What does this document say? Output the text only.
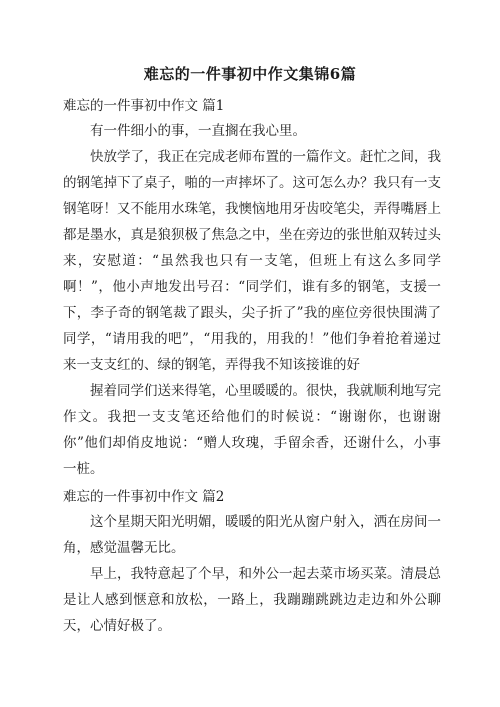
难忘的一件事初中作文集锦6篇
难忘的一件事初中作文 篇1

有一件细小的事，一直搁在我心里。

快放学了，我正在完成老师布置的一篇作文。赶忙之间，我的钢笔掉下了桌子，啪的一声摔坏了。这可怎么办？我只有一支钢笔呀！又不能用水珠笔，我懊恼地用牙齿咬笔尖，弄得嘴唇上都是墨水，真是狼狈极了焦急之中，坐在旁边的张世舶双转过头来，安慰道：“虽然我也只有一支笔，但班上有这么多同学啊！”，他小声地发出号召：“同学们，谁有多的钢笔，支援一下，李子奇的钢笔裁了跟头，尖子折了”我的座位旁很快围满了同学，“请用我的吧”，“用我的，用我的！”他们争着抢着递过来一支支红的、绿的钢笔，弄得我不知该接谁的好

握着同学们送来得笔，心里暖暖的。很快，我就顺利地写完作文。我把一支支笔还给他们的时候说：“谢谢你，也谢谢你”他们却俏皮地说：“赠人玫瑰，手留余香，还谢什么，小事一桩。

难忘的一件事初中作文 篇2

这个星期天阳光明媚，暖暖的阳光从窗户射入，洒在房间一角，感觉温馨无比。

早上，我特意起了个早，和外公一起去菜市场买菜。清晨总是让人感到惬意和放松，一路上，我蹦蹦跳跳边走边和外公聊天，心情好极了。
